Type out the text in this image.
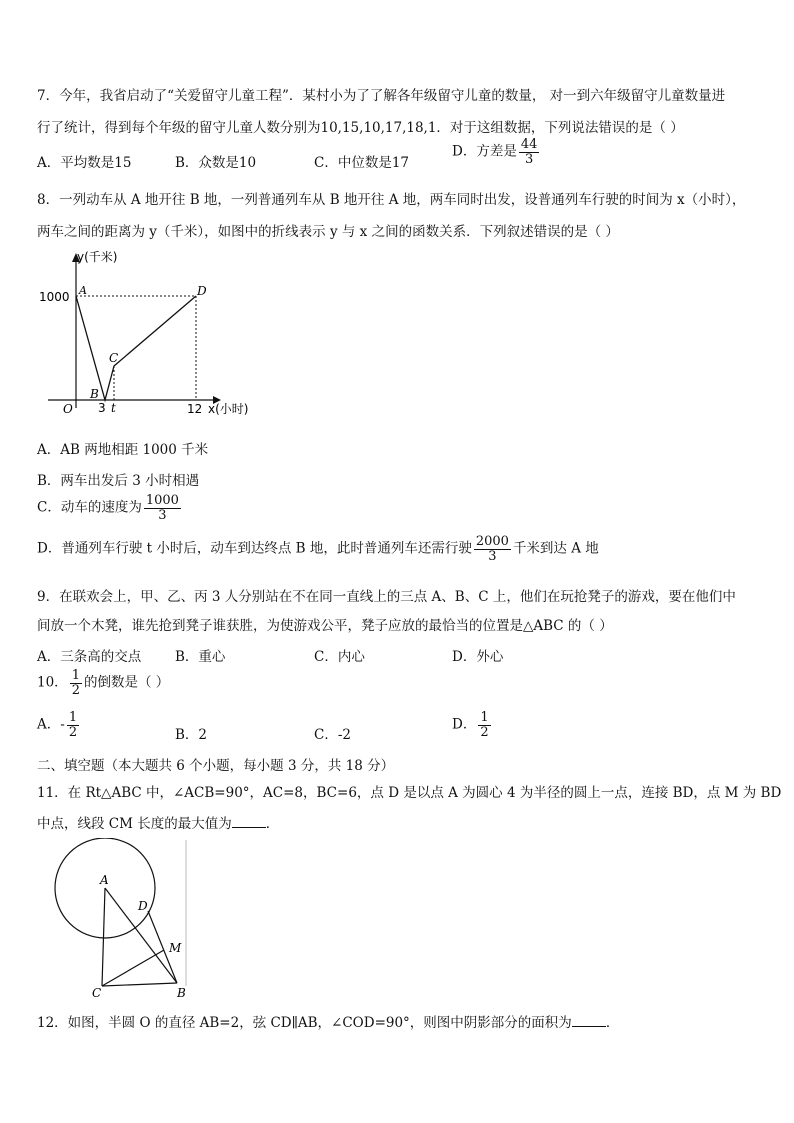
7．今年，我省启动了“关爱留守儿童工程”．某村小为了了解各年级留守儿童的数量， 对一到六年级留守儿童数量进
行了统计，得到每个年级的留守儿童人数分别为10,15,10,17,18,1．对于这组数据，下列说法错误的是（ ）
A．平均数是15	B．众数是10	C．中位数是17
D．方差是 $\frac{44}{3}$
8．一列动车从 A 地开往 B 地，一列普通列车从 B 地开往 A 地，两车同时出发，设普通列车行驶的时间为 x（小时），
两车之间的距离为 y（千米），如图中的折线表示 y 与 x 之间的函数关系．下列叙述错误的是（ ）
y(千米)
1000 A
B
C
D
O 3 t	12 x(小时)
A．AB 两地相距 1000 千米
B．两车出发后 3 小时相遇
C．动车的速度为 $\frac{1000}{3}$
D．普通列车行驶 t 小时后，动车到达终点 B 地，此时普通列车还需行驶 $\frac{2000}{3}$ 千米到达 A 地
9．在联欢会上，甲、乙、丙 3 人分别站在不在同一直线上的三点 A、B、C 上，他们在玩抢凳子的游戏，要在他们中
间放一个木凳，谁先抢到凳子谁获胜，为使游戏公平，凳子应放的最恰当的位置是△ABC 的（ ）
A．三条高的交点	B．重心	C．内心	D．外心
10． $\frac{1}{2}$ 的倒数是（ ）
A．- $\frac{1}{2}$	B．2	C．-2
D． $\frac{1}{2}$
二、填空题（本大题共 6 个小题，每小题 3 分，共 18 分）
11．在 Rt△ABC 中，∠ACB=90°，AC=8，BC=6，点 D 是以点 A 为圆心 4 为半径的圆上一点，连接 BD，点 M 为 BD
中点，线段 CM 长度的最大值为	．
A
D
M
C	B
12．如图，半圆 O 的直径 AB=2，弦 CD∥AB，∠COD=90°，则图中阴影部分的面积为	．
